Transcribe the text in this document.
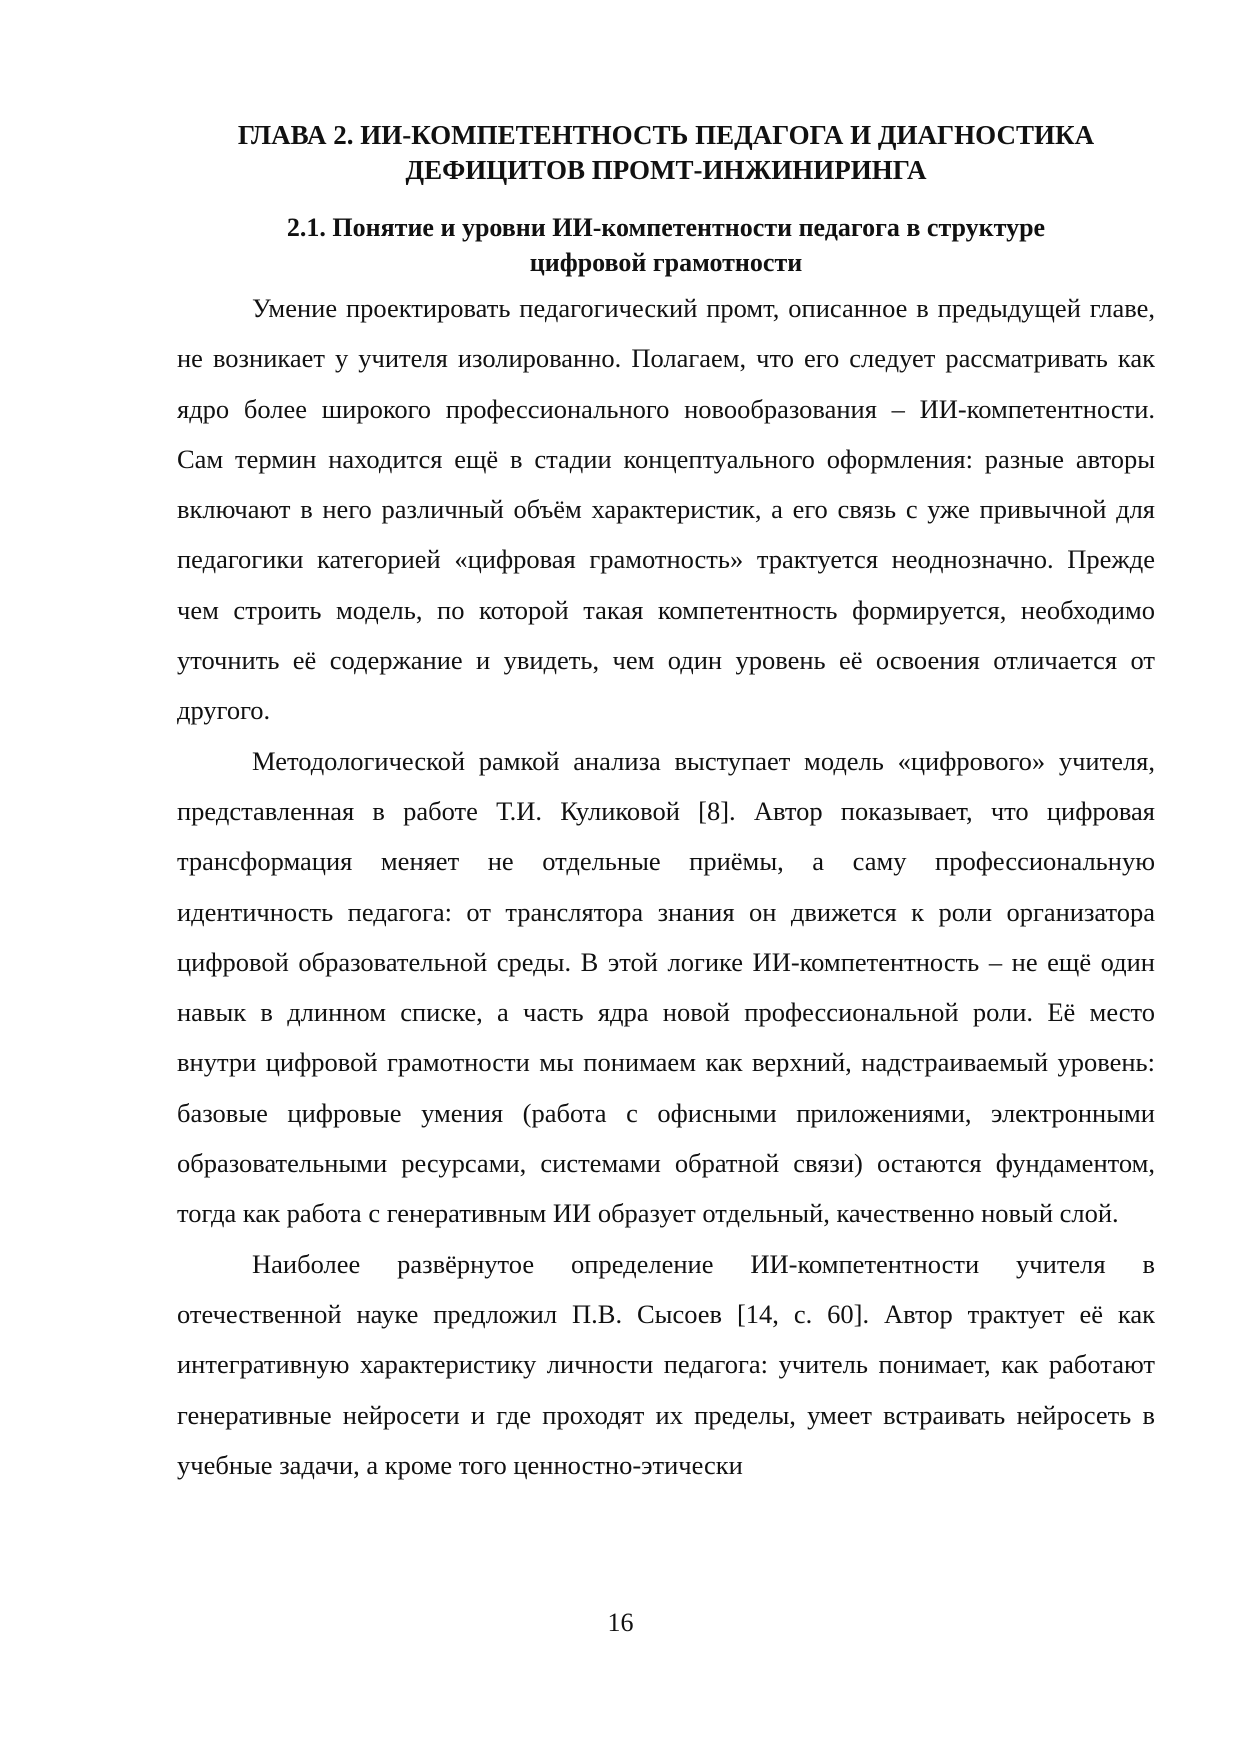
ГЛАВА 2. ИИ-КОМПЕТЕНТНОСТЬ ПЕДАГОГА И ДИАГНОСТИКА
ДЕФИЦИТОВ ПРОМТ-ИНЖИНИРИНГА
2.1. Понятие и уровни ИИ-компетентности педагога в структуре
цифровой грамотности

Умение проектировать педагогический промт, описанное в предыдущей главе, не возникает у учителя изолированно. Полагаем, что его следует рассматривать как ядро более широкого профессионального новообразования – ИИ-компетентности. Сам термин находится ещё в стадии концептуального оформления: разные авторы включают в него различный объём характеристик, а его связь с уже привычной для педагогики категорией «цифровая грамотность» трактуется неоднозначно. Прежде чем строить модель, по которой такая компетентность формируется, необходимо уточнить её содержание и увидеть, чем один уровень её освоения отличается от другого.

Методологической рамкой анализа выступает модель «цифрового» учителя, представленная в работе Т.И. Куликовой [8]. Автор показывает, что цифровая трансформация меняет не отдельные приёмы, а саму профессиональную идентичность педагога: от транслятора знания он движется к роли организатора цифровой образовательной среды. В этой логике ИИ-компетентность – не ещё один навык в длинном списке, а часть ядра новой профессиональной роли. Её место внутри цифровой грамотности мы понимаем как верхний, надстраиваемый уровень: базовые цифровые умения (работа с офисными приложениями, электронными образовательными ресурсами, системами обратной связи) остаются фундаментом, тогда как работа с генеративным ИИ образует отдельный, качественно новый слой.

Наиболее развёрнутое определение ИИ-компетентности учителя в отечественной науке предложил П.В. Сысоев [14, с. 60]. Автор трактует её как интегративную характеристику личности педагога: учитель понимает, как работают генеративные нейросети и где проходят их пределы, умеет встраивать нейросеть в учебные задачи, а кроме того ценностно-этически

16
